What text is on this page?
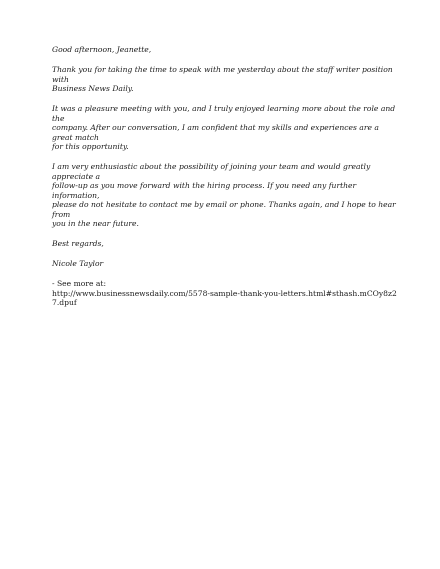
Good afternoon, Jeanette,

Thank you for taking the time to speak with me yesterday about the staff writer position with
Business News Daily.

It was a pleasure meeting with you, and I truly enjoyed learning more about the role and the
company. After our conversation, I am confident that my skills and experiences are a great match
for this opportunity.

I am very enthusiastic about the possibility of joining your team and would greatly appreciate a
follow-up as you move forward with the hiring process. If you need any further information,
please do not hesitate to contact me by email or phone. Thanks again, and I hope to hear from
you in the near future.

Best regards,

Nicole Taylor

- See more at:
http://www.businessnewsdaily.com/5578-sample-thank-you-letters.html#sthash.mCOy8z27.dpuf
